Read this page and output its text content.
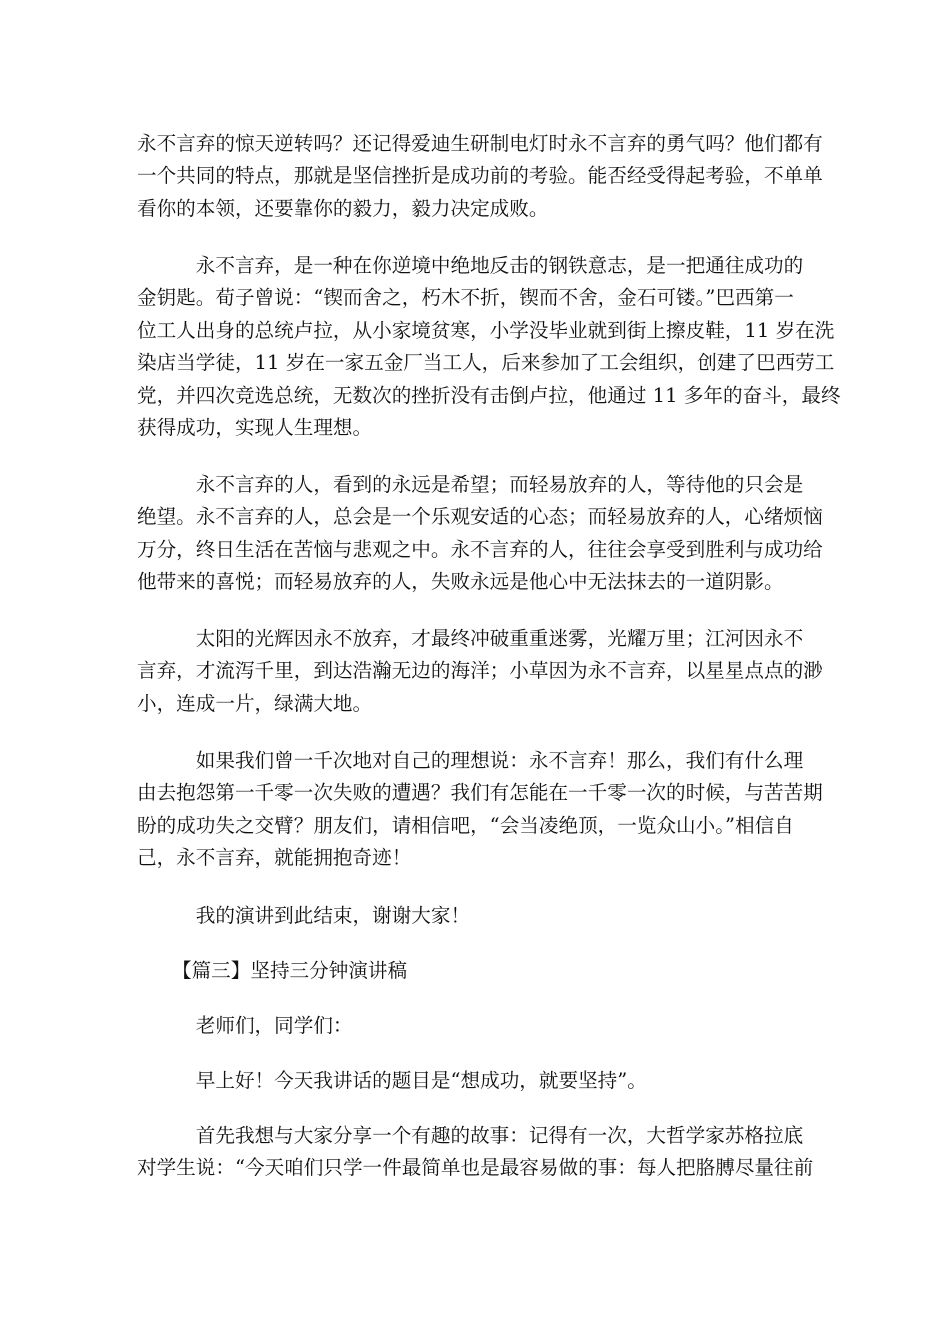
永不言弃的惊天逆转吗？还记得爱迪生研制电灯时永不言弃的勇气吗？他们都有
一个共同的特点，那就是坚信挫折是成功前的考验。能否经受得起考验，不单单
看你的本领，还要靠你的毅力，毅力决定成败。
　　　永不言弃，是一种在你逆境中绝地反击的钢铁意志，是一把通往成功的
金钥匙。荀子曾说：“锲而舍之，朽木不折，锲而不舍，金石可镂。”巴西第一
位工人出身的总统卢拉，从小家境贫寒，小学没毕业就到街上擦皮鞋，11 岁在洗
染店当学徒，11 岁在一家五金厂当工人，后来参加了工会组织，创建了巴西劳工
党，并四次竞选总统，无数次的挫折没有击倒卢拉，他通过 11 多年的奋斗，最终
获得成功，实现人生理想。
　　　永不言弃的人，看到的永远是希望；而轻易放弃的人，等待他的只会是
绝望。永不言弃的人，总会是一个乐观安适的心态；而轻易放弃的人，心绪烦恼
万分，终日生活在苦恼与悲观之中。永不言弃的人，往往会享受到胜利与成功给
他带来的喜悦；而轻易放弃的人，失败永远是他心中无法抹去的一道阴影。
　　　太阳的光辉因永不放弃，才最终冲破重重迷雾，光耀万里；江河因永不
言弃，才流泻千里，到达浩瀚无边的海洋；小草因为永不言弃，以星星点点的渺
小，连成一片，绿满大地。
　　　如果我们曾一千次地对自己的理想说：永不言弃！那么，我们有什么理
由去抱怨第一千零一次失败的遭遇？我们有怎能在一千零一次的时候，与苦苦期
盼的成功失之交臂？朋友们，请相信吧，“会当凌绝顶，一览众山小。”相信自
己，永不言弃，就能拥抱奇迹！
　　　我的演讲到此结束，谢谢大家！
【篇三】坚持三分钟演讲稿
　　　老师们，同学们：
　　　早上好！今天我讲话的题目是“想成功，就要坚持”。
　　　首先我想与大家分享一个有趣的故事：记得有一次，大哲学家苏格拉底
对学生说：“今天咱们只学一件最简单也是最容易做的事：每人把胳膊尽量往前
